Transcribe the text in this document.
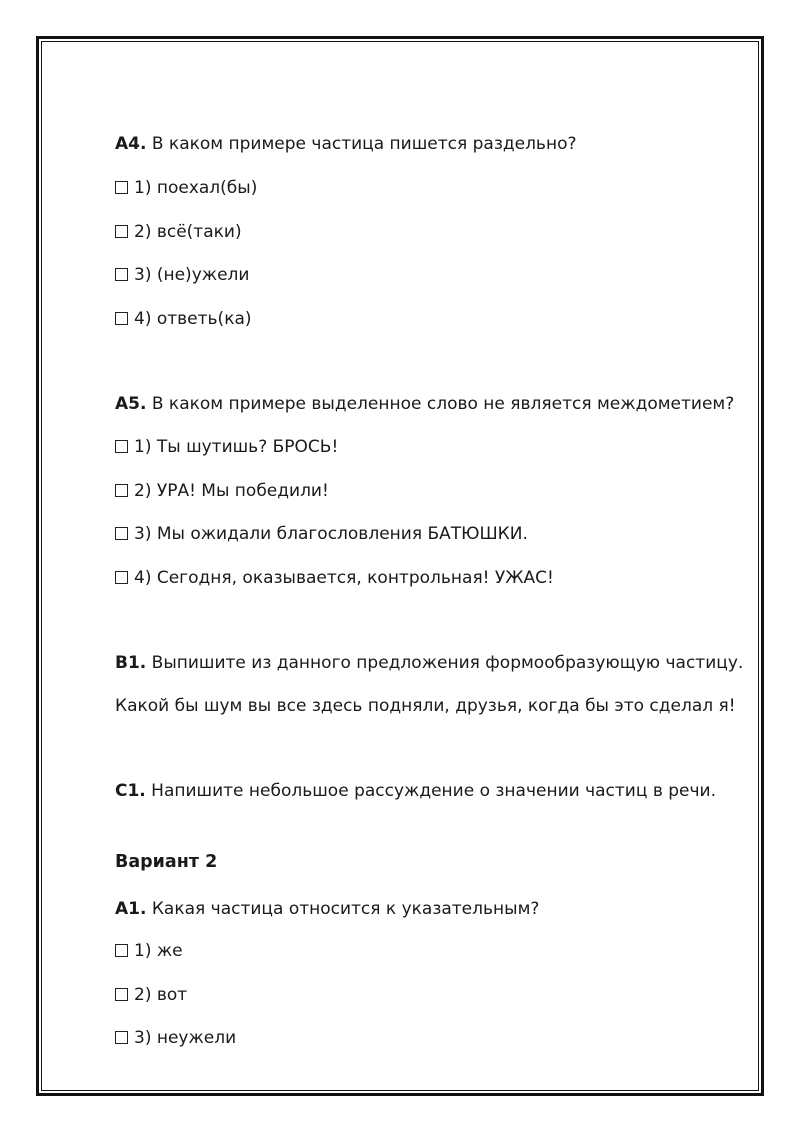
А4. В каком примере частица пишется раздельно?
1) поехал(бы)
2) всё(таки)
3) (не)ужели
4) ответь(ка)
А5. В каком примере выделенное слово не является междометием?
1) Ты шутишь? БРОСЬ!
2) УРА! Мы победили!
3) Мы ожидали благословления БАТЮШКИ.
4) Сегодня, оказывается, контрольная! УЖАС!
В1. Выпишите из данного предложения формообразующую частицу.
Какой бы шум вы все здесь подняли, друзья, когда бы это сделал я!
С1. Напишите небольшое рассуждение о значении частиц в речи.
Вариант 2
А1. Какая частица относится к указательным?
1) же
2) вот
3) неужели
